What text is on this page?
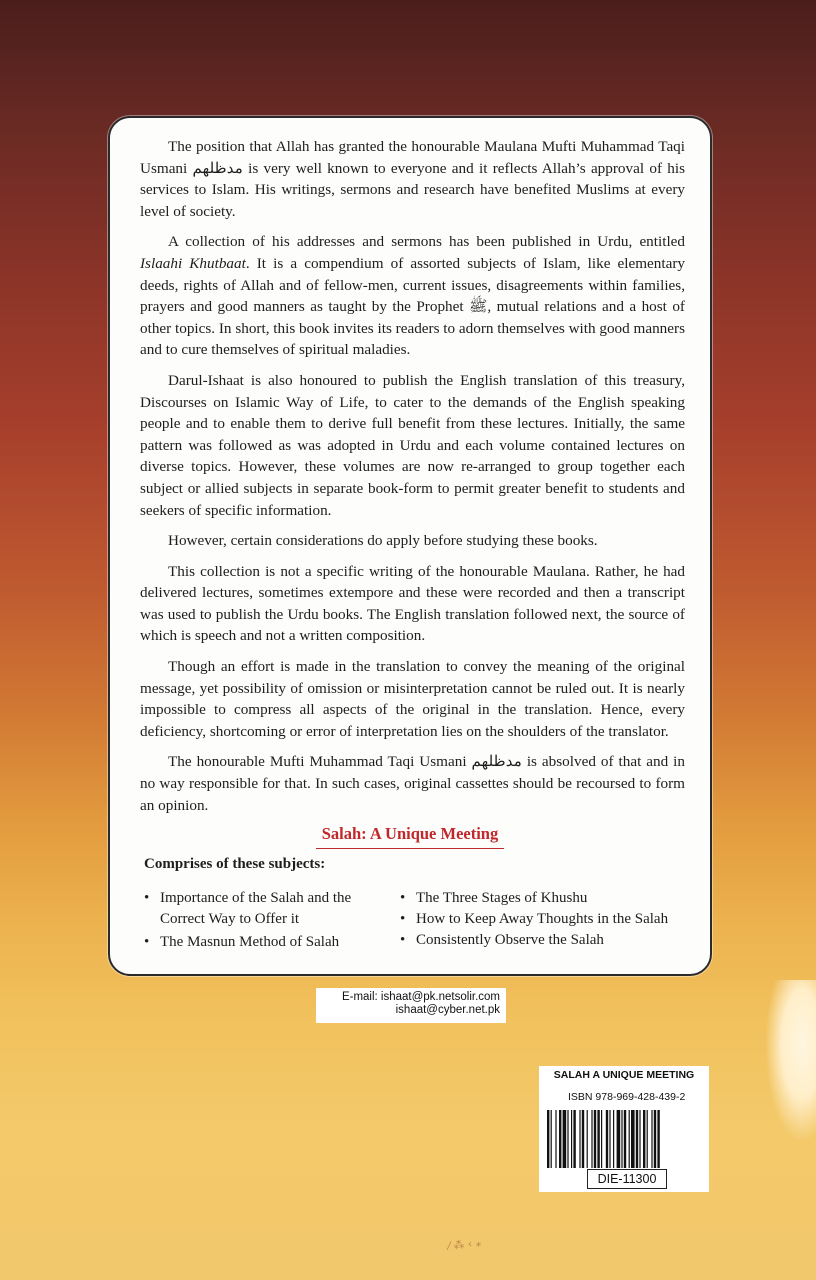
The position that Allah has granted the honourable Maulana Mufti Muhammad Taqi Usmani مدظلهم is very well known to everyone and it reflects Allah’s approval of his services to Islam. His writings, sermons and research have benefited Muslims at every level of society.

A collection of his addresses and sermons has been published in Urdu, entitled Islaahi Khutbaat. It is a compendium of assorted subjects of Islam, like elementary deeds, rights of Allah and of fellow-men, current issues, disagreements within families, prayers and good manners as taught by the Prophet ﷺ, mutual relations and a host of other topics. In short, this book invites its readers to adorn themselves with good manners and to cure themselves of spiritual maladies.

Darul-Ishaat is also honoured to publish the English translation of this treasury, Discourses on Islamic Way of Life, to cater to the demands of the English speaking people and to enable them to derive full benefit from these lectures. Initially, the same pattern was followed as was adopted in Urdu and each volume contained lectures on diverse topics. However, these volumes are now re-arranged to group together each subject or allied subjects in separate book-form to permit greater benefit to students and seekers of specific information.

However, certain considerations do apply before studying these books.

This collection is not a specific writing of the honourable Maulana. Rather, he had delivered lectures, sometimes extempore and these were recorded and then a transcript was used to publish the Urdu books. The English translation followed next, the source of which is speech and not a written composition.

Though an effort is made in the translation to convey the meaning of the original message, yet possibility of omission or misinterpretation cannot be ruled out. It is nearly impossible to compress all aspects of the original in the translation. Hence, every deficiency, shortcoming or error of interpretation lies on the shoulders of the translator.

The honourable Mufti Muhammad Taqi Usmani مدظلهم is absolved of that and in no way responsible for that. In such cases, original cassettes should be recoursed to form an opinion.

Salah: A Unique Meeting
Comprises of these subjects:
• Importance of the Salah and the Correct Way to Offer it
• The Masnun Method of Salah
• The Three Stages of Khushu
• How to Keep Away Thoughts in the Salah
• Consistently Observe the Salah
E-mail: ishaat@pk.netsolir.com
ishaat@cyber.net.pk
SALAH A UNIQUE MEETING
ISBN 978-969-428-439-2
DIE-11300
⁄ ⁂ ‹ ⁎
